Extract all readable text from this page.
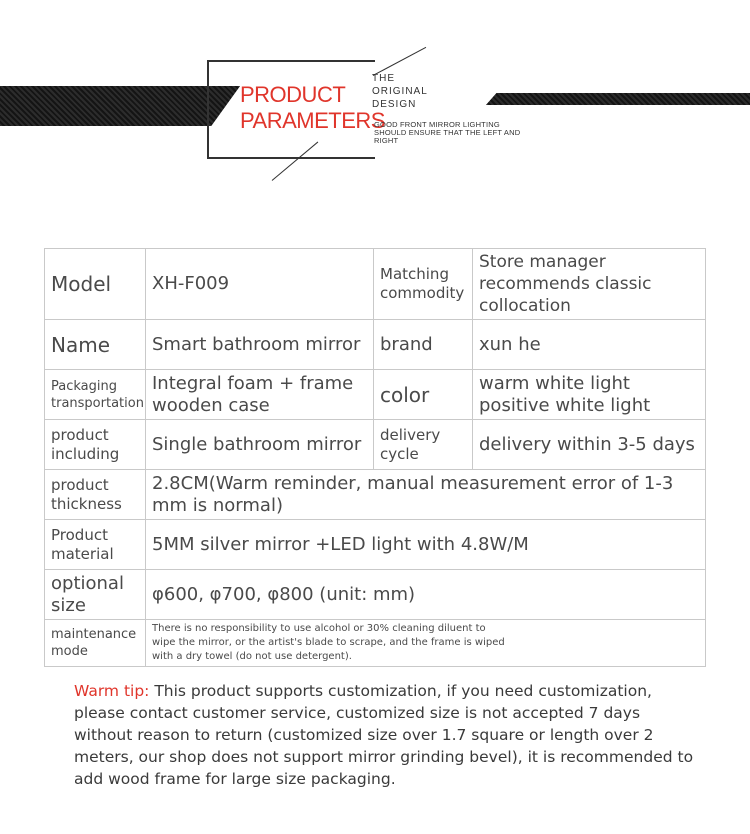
PRODUCT
PARAMETERS
THE
ORIGINAL
DESIGN
GOOD FRONT MIRROR LIGHTING SHOULD ENSURE THAT THE LEFT AND RIGHT
Model	XH-F009	Matching commodity	Store manager recommends classic collocation
Name	Smart bathroom mirror	brand	xun he
Packaging transportation	Integral foam + frame wooden case	color	warm white light positive white light
product including	Single bathroom mirror	delivery cycle	delivery within 3-5 days
product thickness	2.8CM(Warm reminder, manual measurement error of 1-3 mm is normal)		
Product material	5MM silver mirror +LED light with 4.8W/M		
optional size	φ600, φ700, φ800 (unit: mm)		
maintenance mode	There is no responsibility to use alcohol or 30% cleaning diluent to wipe the mirror, or the artist's blade to scrape, and the frame is wiped with a dry towel (do not use detergent).		
Warm tip: This product supports customization, if you need customization, please contact customer service, customized size is not accepted 7 days without reason to return (customized size over 1.7 square or length over 2 meters, our shop does not support mirror grinding bevel), it is recommended to add wood frame for large size packaging.
